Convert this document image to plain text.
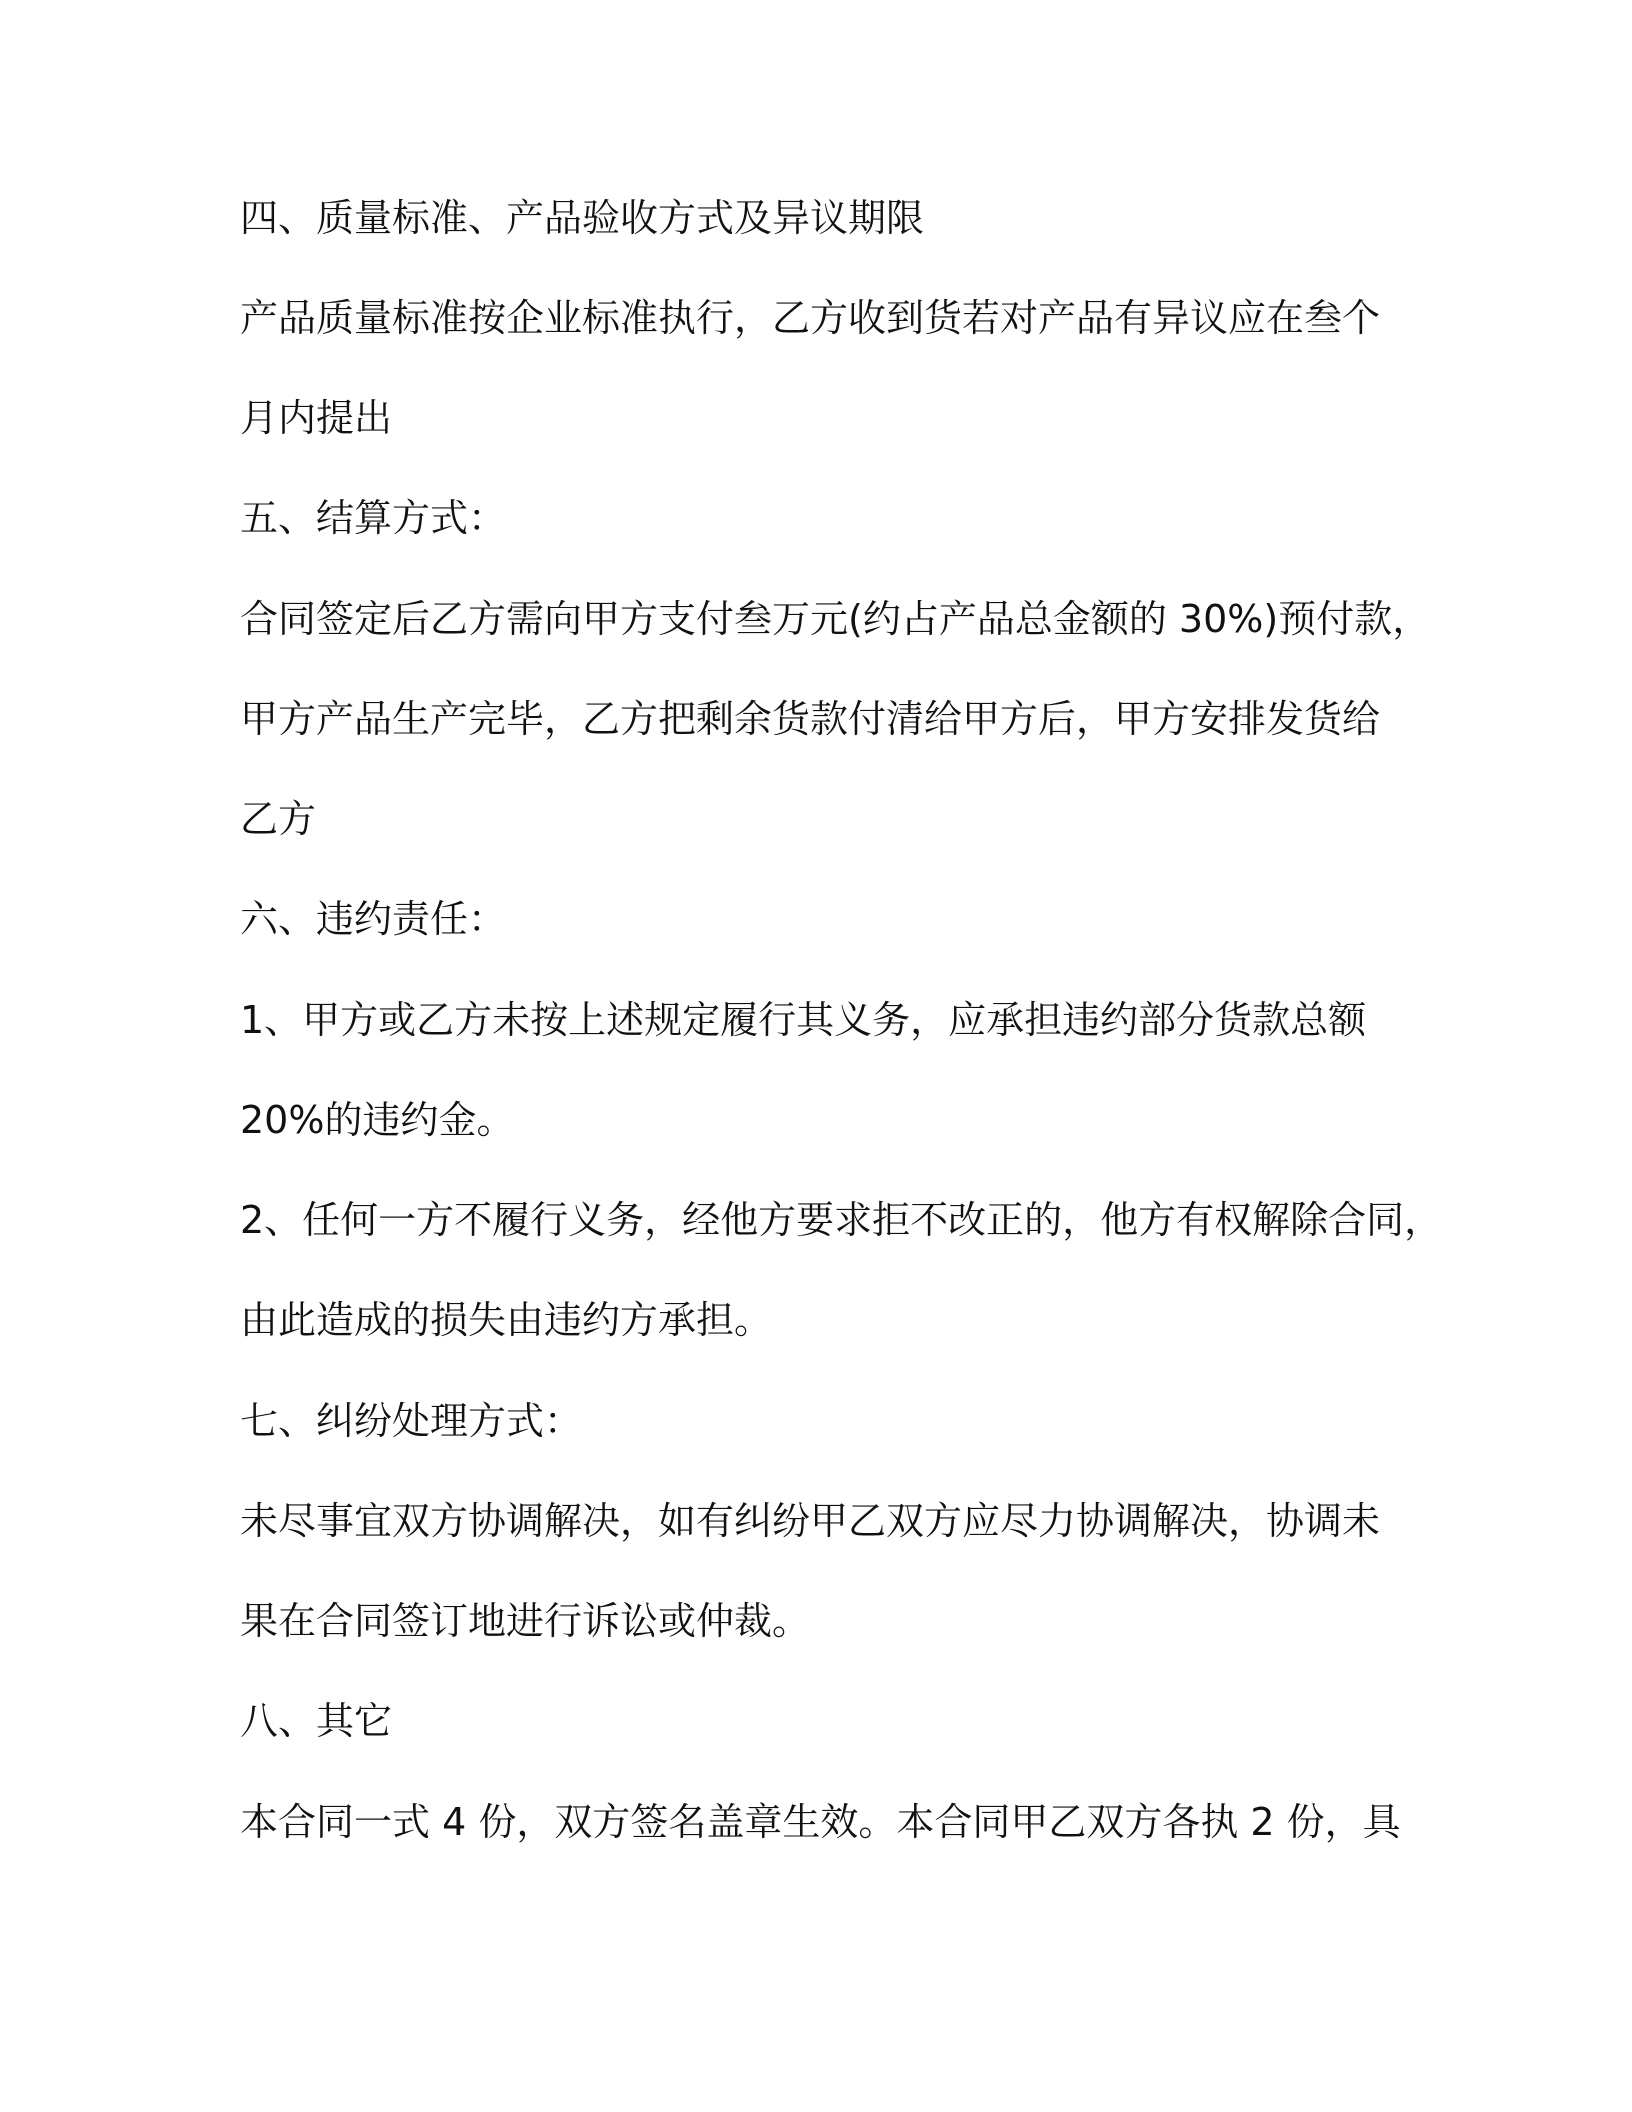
四、质量标准、产品验收方式及异议期限
产品质量标准按企业标准执行，乙方收到货若对产品有异议应在叁个
月内提出
五、结算方式：
合同签定后乙方需向甲方支付叁万元(约占产品总金额的 30%)预付款，
甲方产品生产完毕，乙方把剩余货款付清给甲方后，甲方安排发货给
乙方
六、违约责任：
1、甲方或乙方未按上述规定履行其义务，应承担违约部分货款总额
20%的违约金。
2、任何一方不履行义务，经他方要求拒不改正的，他方有权解除合同，
由此造成的损失由违约方承担。
七、纠纷处理方式：
未尽事宜双方协调解决，如有纠纷甲乙双方应尽力协调解决，协调未
果在合同签订地进行诉讼或仲裁。
八、其它
本合同一式 4 份，双方签名盖章生效。本合同甲乙双方各执 2 份，具
